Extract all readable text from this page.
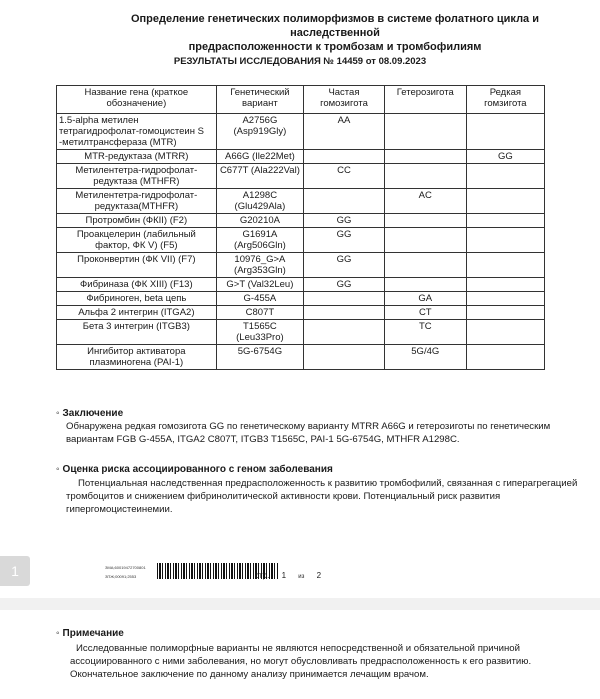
Определение генетических полиморфизмов в системе фолатного цикла и наследственной
предрасположенности к тромбозам и тромбофилиям
РЕЗУЛЬТАТЫ ИССЛЕДОВАНИЯ № 14459 от 08.09.2023
Название гена (краткое обозначение)	Генетический вариант	Частая гомозигота	Гетерозигота	Редкая гомзигота
1.5-alpha метилен тетрагидрофолат-гомоцистеин S -метилтрансфераза (MTR)	A2756G (Asp919Gly)	AA		
MTR-редуктаза (MTRR)	A66G (Ile22Met)			GG
Метилентетра-гидрофолат-редуктаза (MTHFR)	C677T (Ala222Val)	CC		
Метилентетра-гидрофолат-редуктаза(MTHFR)	A1298C (Glu429Ala)		AC	
Протромбин (ФКII) (F2)	G20210A	GG		
Проакцелерин (лабильный фактор, ФК V) (F5)	G1691A (Arg506Gln)	GG		
Проконвертин (ФК VII) (F7)	10976_G>A (Arg353Gln)	GG		
Фибриназа (ФК XIII) (F13)	G>T (Val32Leu)	GG		
Фибриноген, beta цепь	G-455A		GA	
Альфа 2 интегрин (ITGA2)	C807T		CT	
Бета 3 интегрин (ITGB3)	T1565C (Leu33Pro)		TC	
Ингибитор активатора плазминогена (PAI-1)	5G-6754G		5G/4G	
◦ Заключение
Обнаружена редкая гомозигота GG по генетическому варианту MTRR A66G и гетерозиготы по генетическим
вариантам FGB G-455A, ITGA2 C807T, ITGB3 T1565C, PAI-1 5G-6754G, MTHFR A1298C.
◦ Оценка риска ассоциированного с геном заболевания
Потенциальная наследственная предрасположенность к развитию тромбофилий, связанная с гиперагрегацией
тромбоцитов и снижением фибринолитической активности крови. Потенциальный риск развития
гипергомоцистеинемии.
1	ЗМА;60019472700801
ЗПЖ;00091;2553	стр. 1 из 2
◦ Примечание
Исследованные полиморфные варианты не являются непосредственной и обязательной причиной
ассоциированного с ними заболевания, но могут обусловливать предрасположенность к его развитию.
Окончательное заключение по данному анализу принимается лечащим врачом.
